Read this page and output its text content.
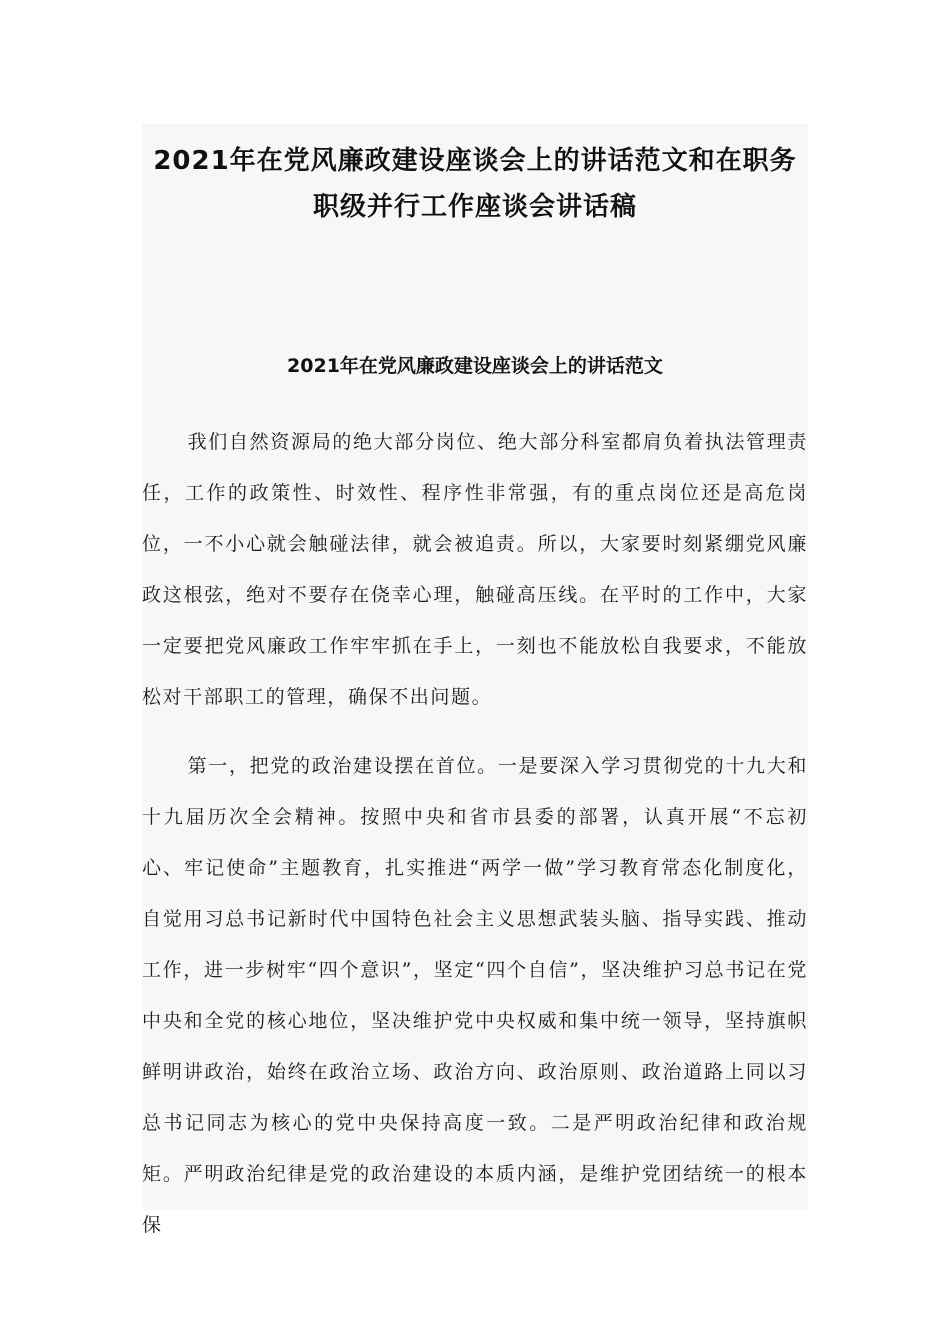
2021年在党风廉政建设座谈会上的讲话范文和在职务职级并行工作座谈会讲话稿
2021年在党风廉政建设座谈会上的讲话范文

我们自然资源局的绝大部分岗位、绝大部分科室都肩负着执法管理责任，工作的政策性、时效性、程序性非常强，有的重点岗位还是高危岗位，一不小心就会触碰法律，就会被追责。所以，大家要时刻紧绷党风廉政这根弦，绝对不要存在侥幸心理，触碰高压线。在平时的工作中，大家一定要把党风廉政工作牢牢抓在手上，一刻也不能放松自我要求，不能放松对干部职工的管理，确保不出问题。

第一，把党的政治建设摆在首位。一是要深入学习贯彻党的十九大和十九届历次全会精神。按照中央和省市县委的部署，认真开展“不忘初心、牢记使命”主题教育，扎实推进“两学一做”学习教育常态化制度化，自觉用习总书记新时代中国特色社会主义思想武装头脑、指导实践、推动工作，进一步树牢“四个意识”，坚定“四个自信”，坚决维护习总书记在党中央和全党的核心地位，坚决维护党中央权威和集中统一领导，坚持旗帜鲜明讲政治，始终在政治立场、政治方向、政治原则、政治道路上同以习总书记同志为核心的党中央保持高度一致。二是严明政治纪律和政治规矩。严明政治纪律是党的政治建设的本质内涵，是维护党团结统一的根本保
